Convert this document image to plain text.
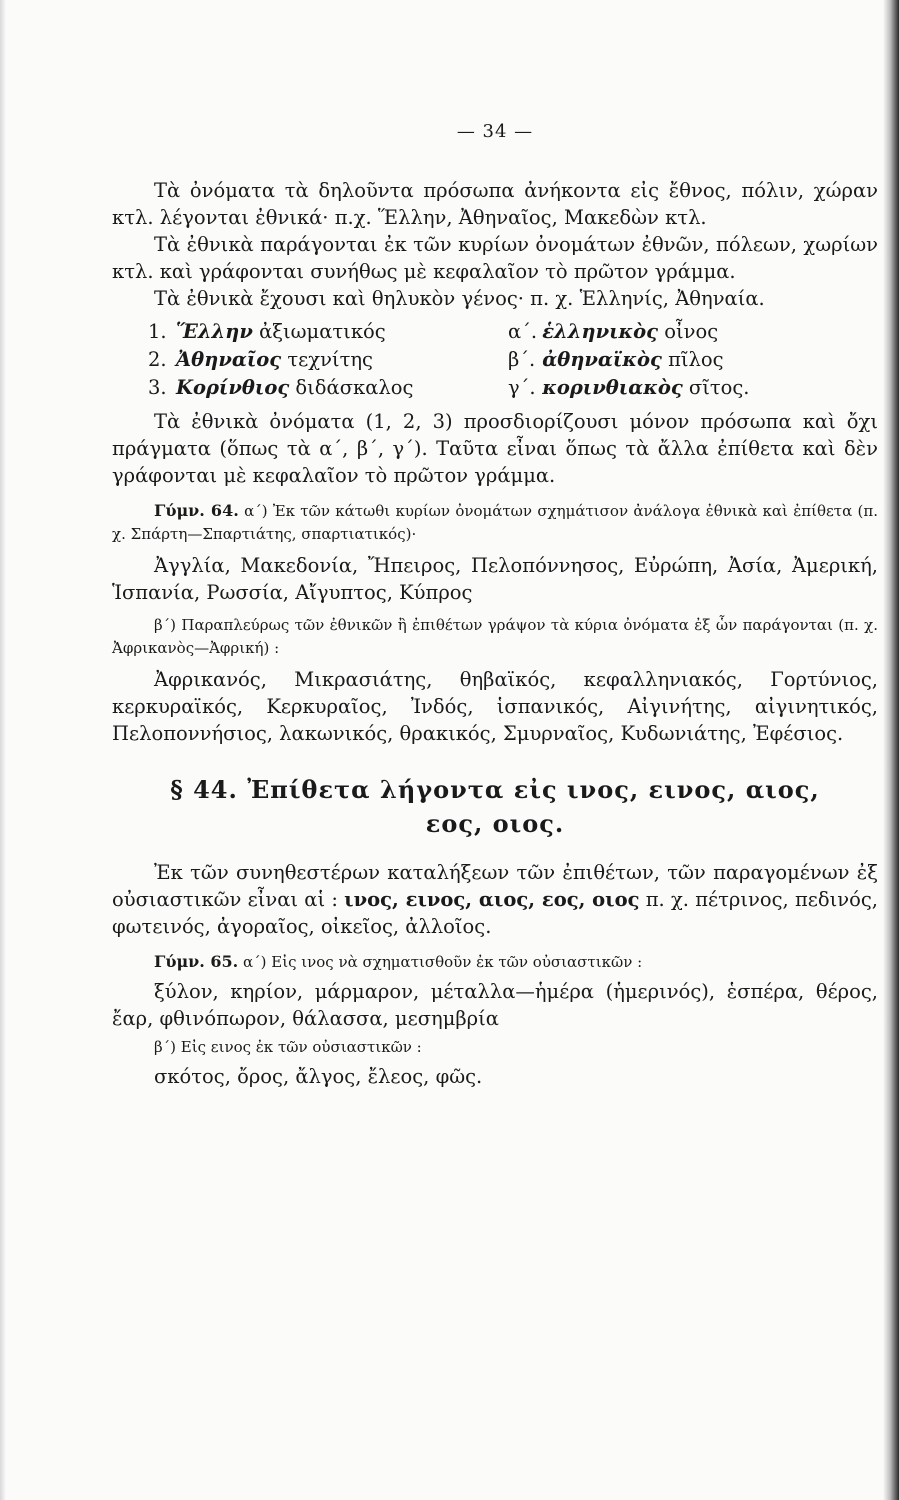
— 34 —

Τὰ ὀνόματα τὰ δηλοῦντα πρόσωπα ἀνήκοντα εἰς ἔθνος, πόλιν, χώραν κτλ. λέγονται ἐθνικά· π.χ. Ἕλλην, Ἀθηναῖος, Μακεδὼν κτλ.

Τὰ ἐθνικὰ παράγονται ἐκ τῶν κυρίων ὀνομάτων ἐθνῶν, πόλεων, χωρίων κτλ. καὶ γράφονται συνήθως μὲ κεφαλαῖον τὸ πρῶτον γράμμα.

Τὰ ἐθνικὰ ἔχουσι καὶ θηλυκὸν γένος· π. χ. Ἑλληνίς, Ἀθηναία.

1. Ἕλλην ἀξιωματικός	α΄. ἑλληνικὸς οἶνος
2. Ἀθηναῖος τεχνίτης	β΄. ἀθηναϊκὸς πῖλος
3. Κορίνθιος διδάσκαλος	γ΄. κορινθιακὸς σῖτος.

Τὰ ἐθνικὰ ὀνόματα (1, 2, 3) προσδιορίζουσι μόνον πρόσωπα καὶ ὄχι πράγματα (ὅπως τὰ α΄, β΄, γ΄). Ταῦτα εἶναι ὅπως τὰ ἄλλα ἐπίθετα καὶ δὲν γράφονται μὲ κεφαλαῖον τὸ πρῶτον γράμμα.

Γύμν. 64. α΄) Ἐκ τῶν κάτωθι κυρίων ὀνομάτων σχημάτισον ἀνάλογα ἐθνικὰ καὶ ἐπίθετα (π. χ. Σπάρτη—Σπαρτιάτης, σπαρτιατικός)·

Ἀγγλία, Μακεδονία, Ἤπειρος, Πελοπόννησος, Εὐρώπη, Ἀσία, Ἀμερική, Ἱσπανία, Ρωσσία, Αἴγυπτος, Κύπρος

β΄) Παραπλεύρως τῶν ἐθνικῶν ἢ ἐπιθέτων γράψον τὰ κύρια ὀνόματα ἐξ ὧν παράγονται (π. χ. Ἀφρικανὸς—Ἀφρική) :

Ἀφρικανός, Μικρασιάτης, θηβαϊκός, κεφαλληνιακός, Γορτύνιος, κερκυραϊκός, Κερκυραῖος, Ἰνδός, ἱσπανικός, Αἰγινήτης, αἰγινητικός, Πελοποννήσιος, λακωνικός, θρακικός, Σμυρναῖος, Κυδωνιάτης, Ἐφέσιος.

§ 44. Ἐπίθετα λήγοντα εἰς ινος, εινος, αιος,
εος, οιος.

Ἐκ τῶν συνηθεστέρων καταλήξεων τῶν ἐπιθέτων, τῶν παραγομένων ἐξ οὐσιαστικῶν εἶναι αἱ : ινος, εινος, αιος, εος, οιος π. χ. πέτρινος, πεδινός, φωτεινός, ἀγοραῖος, οἰκεῖος, ἀλλοῖος.

Γύμν. 65. α΄) Εἰς ινος νὰ σχηματισθοῦν ἐκ τῶν οὐσιαστικῶν :

ξύλον, κηρίον, μάρμαρον, μέταλλα—ἡμέρα (ἡμερινός), ἑσπέρα, θέρος, ἔαρ, φθινόπωρον, θάλασσα, μεσημβρία

β΄) Εἰς εινος ἐκ τῶν οὐσιαστικῶν :

σκότος, ὄρος, ἄλγος, ἔλεος, φῶς.
